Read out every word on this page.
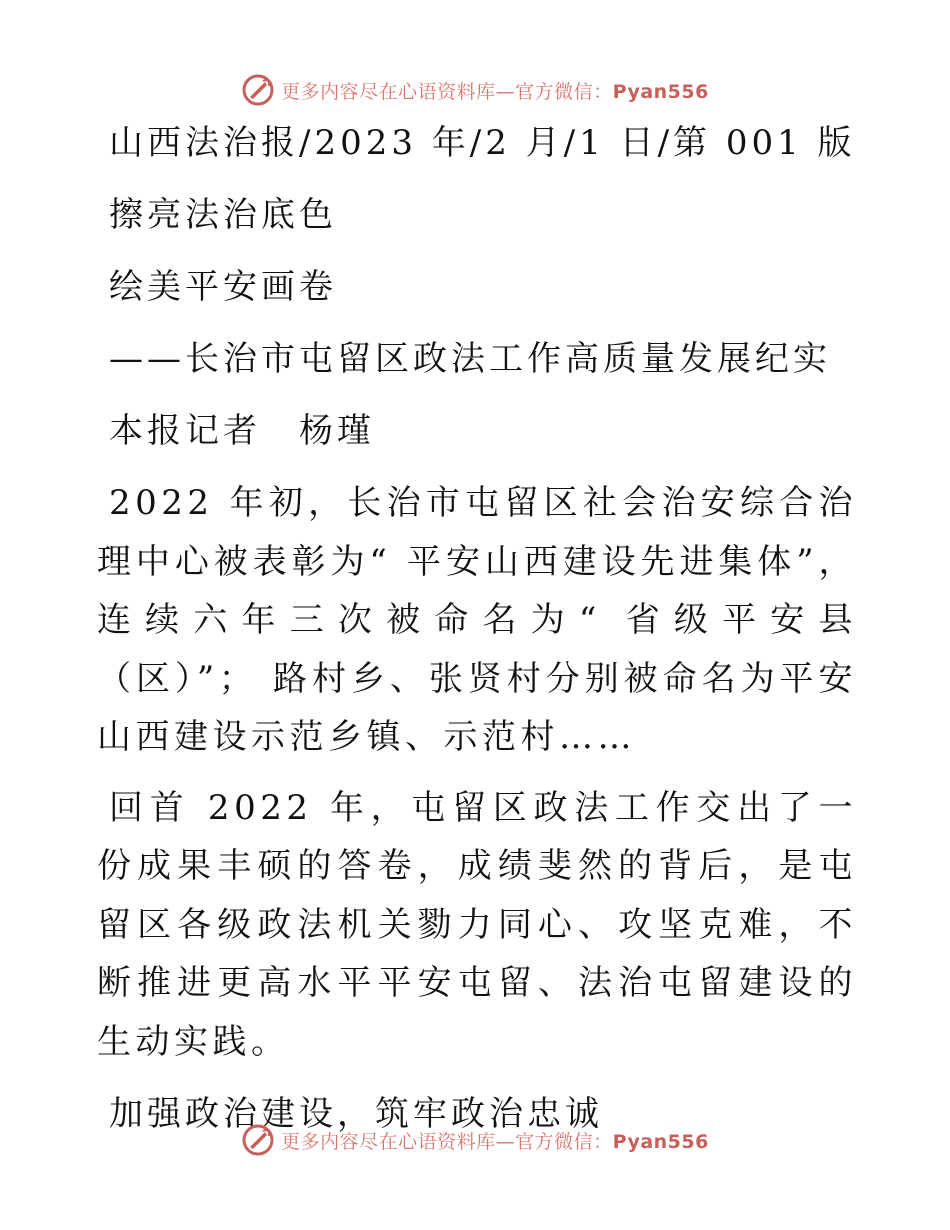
更多内容尽在心语资料库—官方微信：Pyan556

山西法治报/2023 年/2 月/1 日/第 001 版

擦亮法治底色

绘美平安画卷

——长治市屯留区政法工作高质量发展纪实

本报记者　杨瑾

2022 年初，长治市屯留区社会治安综合治理中心被表彰为“ 平安山西建设先进集体”，连续六年三次被命名为“ 省级平安县（区）”； 路村乡、张贤村分别被命名为平安山西建设示范乡镇、示范村……

回首 2022 年，屯留区政法工作交出了一份成果丰硕的答卷，成绩斐然的背后，是屯留区各级政法机关勠力同心、攻坚克难，不断推进更高水平平安屯留、法治屯留建设的生动实践。

加强政治建设，筑牢政治忠诚

更多内容尽在心语资料库—官方微信：Pyan556
